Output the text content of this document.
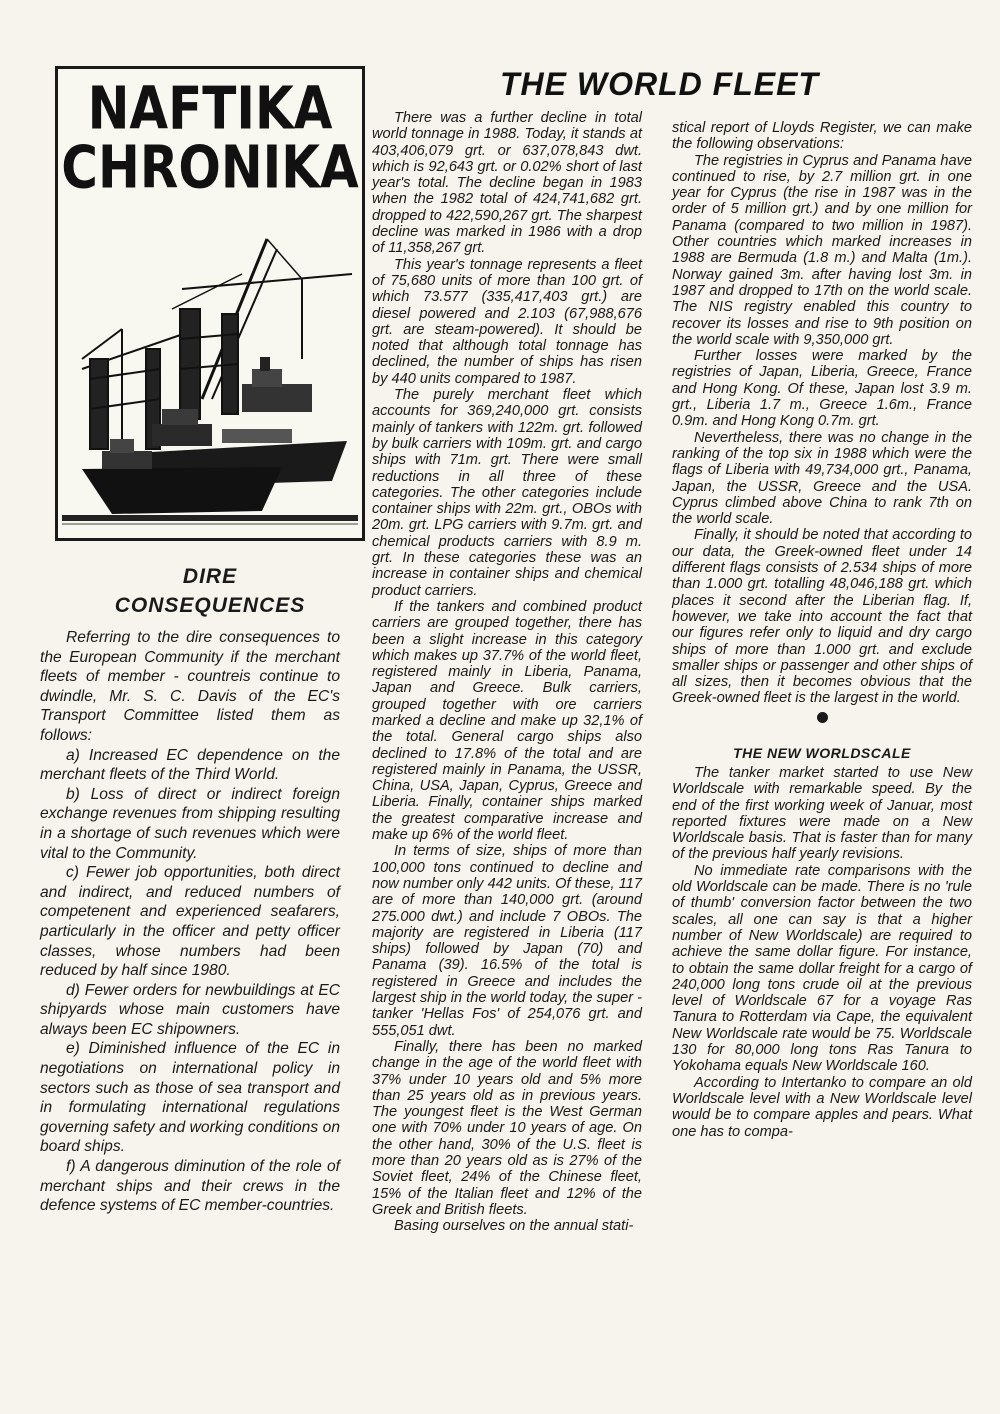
NAFTIKA
CHRONIKA
THE WORLD FLEET
DIRE
CONSEQUENCES

Referring to the dire consequences to the European Community if the merchant fleets of member - countreis continue to dwindle, Mr. S. C. Davis of the EC's Transport Committee listed them as follows:

a) Increased EC dependence on the merchant fleets of the Third World.

b) Loss of direct or indirect foreign exchange revenues from shipping resulting in a shortage of such revenues which were vital to the Community.

c) Fewer job opportunities, both direct and indirect, and reduced numbers of competenent and experienced seafarers, particularly in the officer and petty officer classes, whose numbers had been reduced by half since 1980.

d) Fewer orders for newbuildings at EC shipyards whose main customers have always been EC shipowners.

e) Diminished influence of the EC in negotiations on international policy in sectors such as those of sea transport and in formulating international regulations governing safety and working conditions on board ships.

f) A dangerous diminution of the role of merchant ships and their crews in the defence systems of EC member-countries.

There was a further decline in total world tonnage in 1988. Today, it stands at 403,406,079 grt. or 637,078,843 dwt. which is 92,643 grt. or 0.02% short of last year's total. The decline began in 1983 when the 1982 total of 424,741,682 grt. dropped to 422,590,267 grt. The sharpest decline was marked in 1986 with a drop of 11,358,267 grt.

This year's tonnage represents a fleet of 75,680 units of more than 100 grt. of which 73.577 (335,417,403 grt.) are diesel powered and 2.103 (67,988,676 grt. are steam-powered). It should be noted that although total tonnage has declined, the number of ships has risen by 440 units compared to 1987.

The purely merchant fleet which accounts for 369,240,000 grt. consists mainly of tankers with 122m. grt. followed by bulk carriers with 109m. grt. and cargo ships with 71m. grt. There were small reductions in all three of these categories. The other categories include container ships with 22m. grt., OBOs with 20m. grt. LPG carriers with 9.7m. grt. and chemical products carriers with 8.9 m. grt. In these categories these was an increase in container ships and chemical product carriers.

If the tankers and combined product carriers are grouped together, there has been a slight increase in this category which makes up 37.7% of the world fleet, registered mainly in Liberia, Panama, Japan and Greece. Bulk carriers, grouped together with ore carriers marked a decline and make up 32,1% of the total. General cargo ships also declined to 17.8% of the total and are registered mainly in Panama, the USSR, China, USA, Japan, Cyprus, Greece and Liberia. Finally, container ships marked the greatest comparative increase and make up 6% of the world fleet.

In terms of size, ships of more than 100,000 tons continued to decline and now number only 442 units. Of these, 117 are of more than 140,000 grt. (around 275.000 dwt.) and include 7 OBOs. The majority are registered in Liberia (117 ships) followed by Japan (70) and Panama (39). 16.5% of the total is registered in Greece and includes the largest ship in the world today, the super - tanker 'Hellas Fos' of 254,076 grt. and 555,051 dwt.

Finally, there has been no marked change in the age of the world fleet with 37% under 10 years old and 5% more than 25 years old as in previous years. The youngest fleet is the West German one with 70% under 10 years of age. On the other hand, 30% of the U.S. fleet is more than 20 years old as is 27% of the Soviet fleet, 24% of the Chinese fleet, 15% of the Italian fleet and 12% of the Greek and British fleets.

Basing ourselves on the annual stati-

stical report of Lloyds Register, we can make the following observations:

The registries in Cyprus and Panama have continued to rise, by 2.7 million grt. in one year for Cyprus (the rise in 1987 was in the order of 5 million grt.) and by one million for Panama (compared to two million in 1987). Other countries which marked increases in 1988 are Bermuda (1.8 m.) and Malta (1m.). Norway gained 3m. after having lost 3m. in 1987 and dropped to 17th on the world scale. The NIS registry enabled this country to recover its losses and rise to 9th position on the world scale with 9,350,000 grt.

Further losses were marked by the registries of Japan, Liberia, Greece, France and Hong Kong. Of these, Japan lost 3.9 m. grt., Liberia 1.7 m., Greece 1.6m., France 0.9m. and Hong Kong 0.7m. grt.

Nevertheless, there was no change in the ranking of the top six in 1988 which were the flags of Liberia with 49,734,000 grt., Panama, Japan, the USSR, Greece and the USA. Cyprus climbed above China to rank 7th on the world scale.

Finally, it should be noted that according to our data, the Greek-owned fleet under 14 different flags consists of 2.534 ships of more than 1.000 grt. totalling 48,046,188 grt. which places it second after the Liberian flag. If, however, we take into account the fact that our figures refer only to liquid and dry cargo ships of more than 1.000 grt. and exclude smaller ships or passenger and other ships of all sizes, then it becomes obvious that the Greek-owned fleet is the largest in the world.

THE NEW WORLDSCALE

The tanker market started to use New Worldscale with remarkable speed. By the end of the first working week of Januar, most reported fixtures were made on a New Worldscale basis. That is faster than for many of the previous half yearly revisions.

No immediate rate comparisons with the old Worldscale can be made. There is no 'rule of thumb' conversion factor between the two scales, all one can say is that a higher number of New Worldscale) are required to achieve the same dollar figure. For instance, to obtain the same dollar freight for a cargo of 240,000 long tons crude oil at the previous level of Worldscale 67 for a voyage Ras Tanura to Rotterdam via Cape, the equivalent New Worldscale rate would be 75. Worldscale 130 for 80,000 long tons Ras Tanura to Yokohama equals New Worldscale 160.

According to Intertanko to compare an old Worldscale level with a New Worldscale level would be to compare apples and pears. What one has to compa-
